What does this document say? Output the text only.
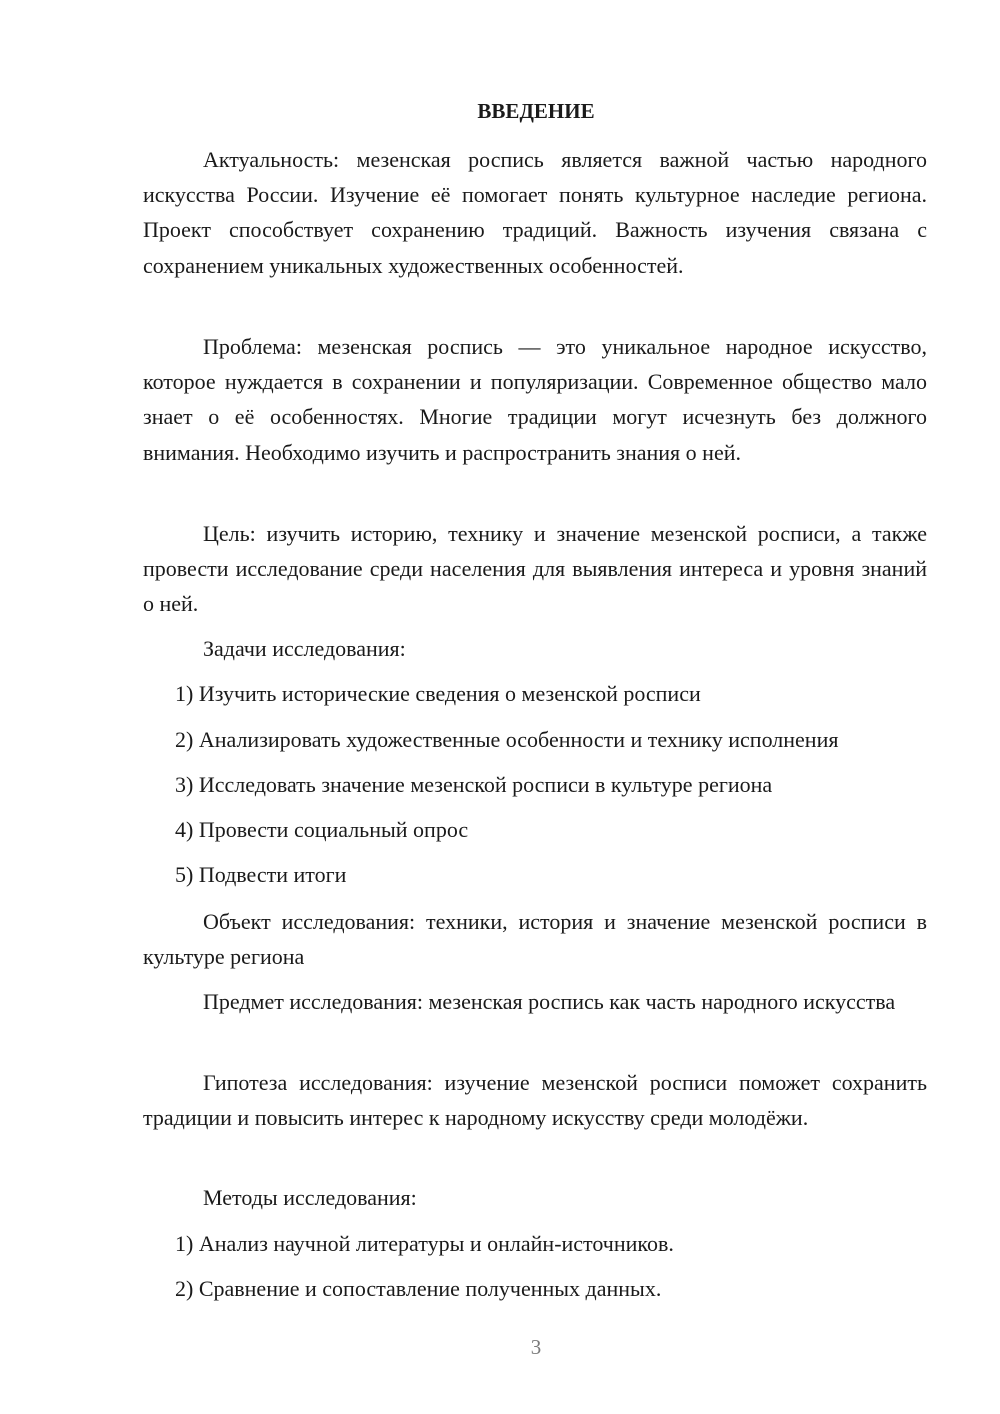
ВВЕДЕНИЕ

Актуальность: мезенская роспись является важной частью народного искусства России. Изучение её помогает понять культурное наследие региона. Проект способствует сохранению традиций. Важность изучения связана с сохранением уникальных художественных особенностей.

Проблема: мезенская роспись — это уникальное народное искусство, которое нуждается в сохранении и популяризации. Современное общество мало знает о её особенностях. Многие традиции могут исчезнуть без должного внимания. Необходимо изучить и распространить знания о ней.

Цель: изучить историю, технику и значение мезенской росписи, а также провести исследование среди населения для выявления интереса и уровня знаний о ней.

Задачи исследования:

1) Изучить исторические сведения о мезенской росписи

2) Анализировать художественные особенности и технику исполнения

3) Исследовать значение мезенской росписи в культуре региона

4) Провести социальный опрос

5) Подвести итоги

Объект исследования: техники, история и значение мезенской росписи в культуре региона

Предмет исследования: мезенская роспись как часть народного искусства

Гипотеза исследования: изучение мезенской росписи поможет сохранить традиции и повысить интерес к народному искусству среди молодёжи.

Методы исследования:

1) Анализ научной литературы и онлайн-источников.

2) Сравнение и сопоставление полученных данных.

3
